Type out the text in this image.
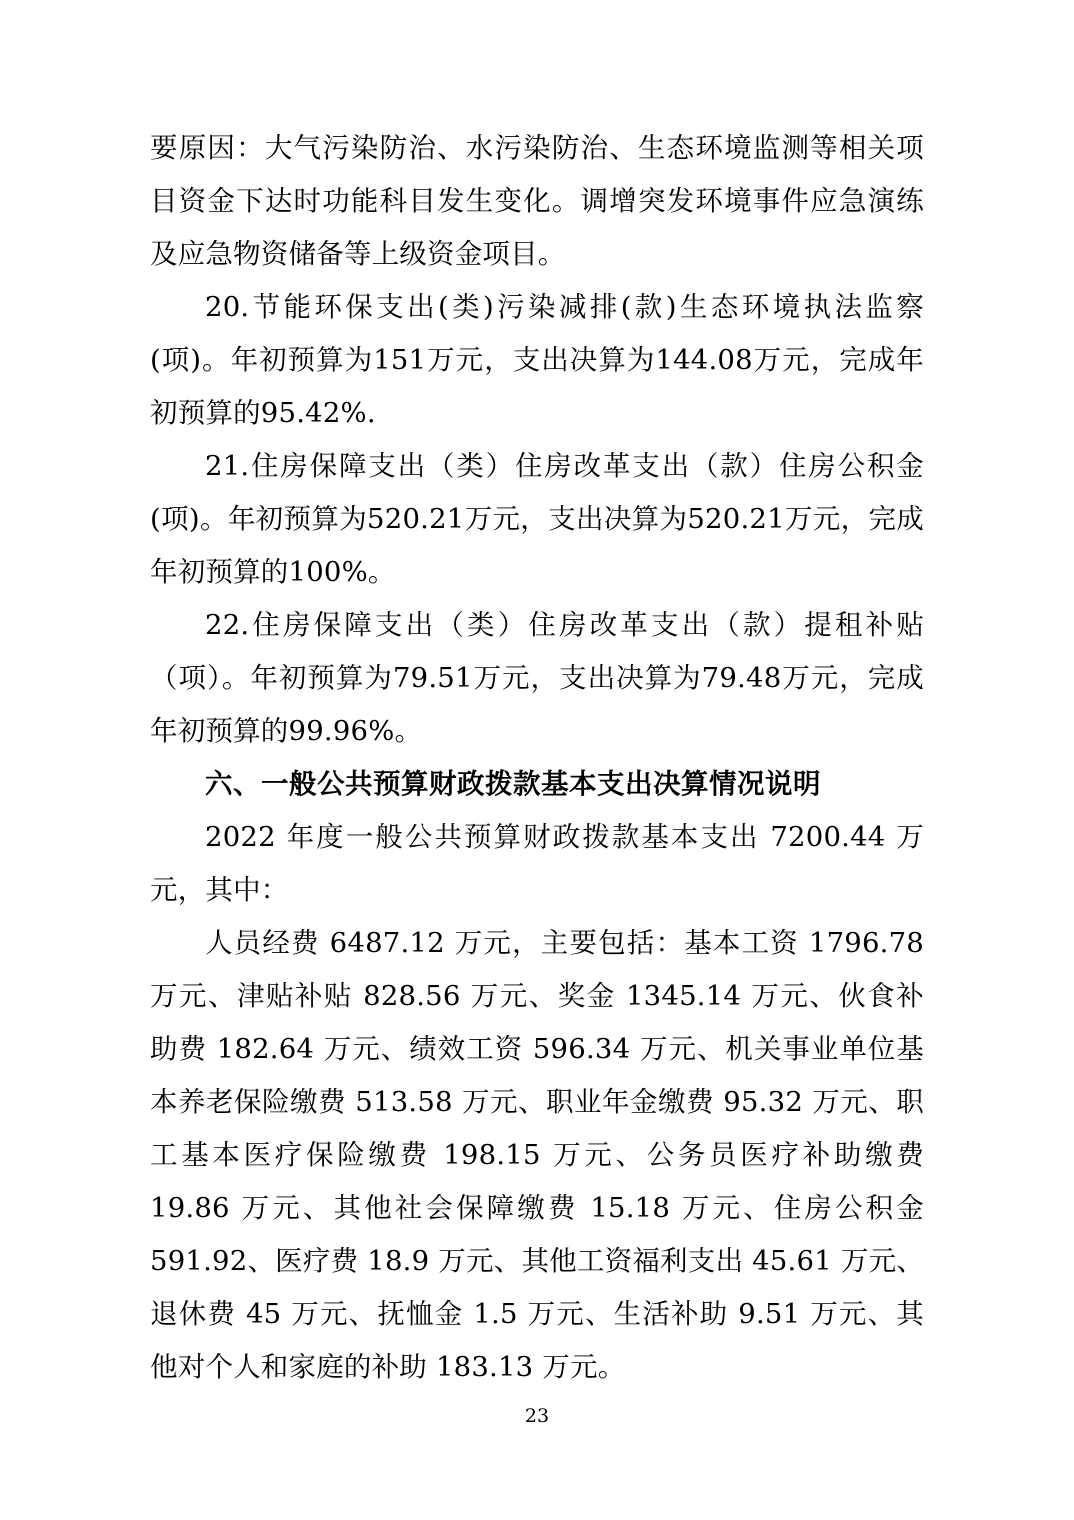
要原因：大气污染防治、水污染防治、生态环境监测等相关项目资金下达时功能科目发生变化。调增突发环境事件应急演练及应急物资储备等上级资金项目。

20.节能环保支出(类)污染减排(款)生态环境执法监察(项)。年初预算为151万元，支出决算为144.08万元，完成年初预算的95.42%.

21.住房保障支出（类）住房改革支出（款）住房公积金(项)。年初预算为520.21万元，支出决算为520.21万元，完成年初预算的100%。

22.住房保障支出（类）住房改革支出（款）提租补贴（项）。年初预算为79.51万元，支出决算为79.48万元，完成年初预算的99.96%。

六、一般公共预算财政拨款基本支出决算情况说明

2022 年度一般公共预算财政拨款基本支出 7200.44 万元，其中：

人员经费 6487.12 万元，主要包括：基本工资 1796.78 万元、津贴补贴 828.56 万元、奖金 1345.14 万元、伙食补助费 182.64 万元、绩效工资 596.34 万元、机关事业单位基本养老保险缴费 513.58 万元、职业年金缴费 95.32 万元、职工基本医疗保险缴费 198.15 万元、公务员医疗补助缴费 19.86 万元、其他社会保障缴费 15.18 万元、住房公积金 591.92、医疗费 18.9 万元、其他工资福利支出 45.61 万元、退休费 45 万元、抚恤金 1.5 万元、生活补助 9.51 万元、其他对个人和家庭的补助 183.13 万元。

23
